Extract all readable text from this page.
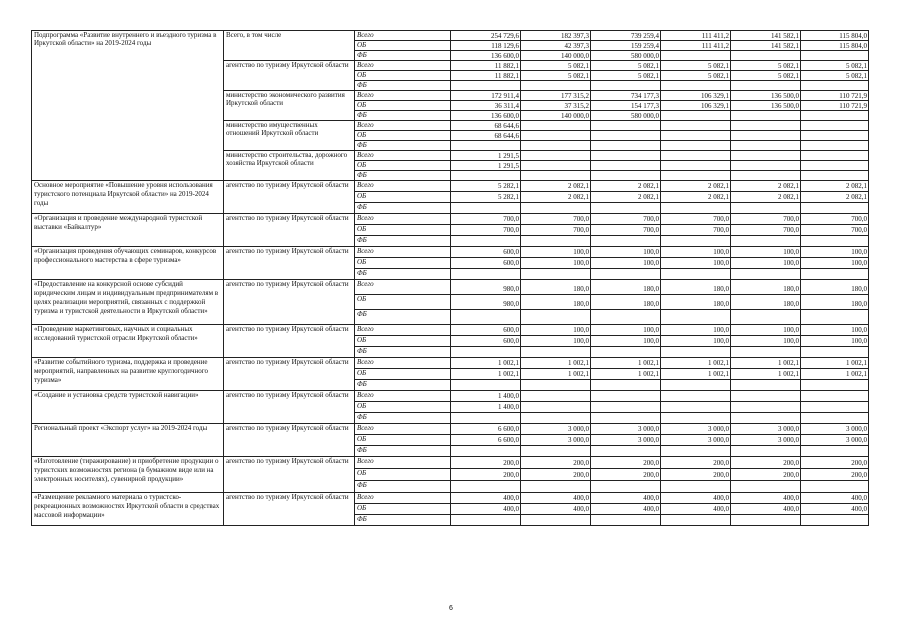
Подпрограмма «Развитие внутреннего и въездного туризма в Иркутской области» на 2019-2024 годы	Всего, в том числе	Всего	254 729,6	182 397,3	739 259,4	111 411,2	141 582,1	115 804,0
		ОБ	118 129,6	42 397,3	159 259,4	111 411,2	141 582,1	115 804,0
		ФБ	136 600,0	140 000,0	580 000,0			
	агентство по туризму Иркутской области	Всего	11 882,1	5 082,1	5 082,1	5 082,1	5 082,1	5 082,1
		ОБ	11 882,1	5 082,1	5 082,1	5 082,1	5 082,1	5 082,1
		ФБ						
	министерство экономического развития Иркутской области	Всего	172 911,4	177 315,2	734 177,3	106 329,1	136 500,0	110 721,9
		ОБ	36 311,4	37 315,2	154 177,3	106 329,1	136 500,0	110 721,9
		ФБ	136 600,0	140 000,0	580 000,0			
	министерство имущественных отношений Иркутской области	Всего	68 644,6					
		ОБ	68 644,6					
		ФБ						
	министерство строительства, дорожного хозяйства Иркутской области	Всего	1 291,5					
		ОБ	1 291,5					
		ФБ						
Основное мероприятие «Повышение уровня использования туристского потенциала Иркутской области» на 2019-2024 годы	агентство по туризму Иркутской области	Всего	5 282,1	2 082,1	2 082,1	2 082,1	2 082,1	2 082,1
		ОБ	5 282,1	2 082,1	2 082,1	2 082,1	2 082,1	2 082,1
		ФБ						
«Организация и проведение международной туристской выставки «Байкалтур»	агентство по туризму Иркутской области	Всего	700,0	700,0	700,0	700,0	700,0	700,0
		ОБ	700,0	700,0	700,0	700,0	700,0	700,0
		ФБ						
«Организация проведения обучающих семинаров, конкурсов профессионального мастерства в сфере туризма»	агентство по туризму Иркутской области	Всего	600,0	100,0	100,0	100,0	100,0	100,0
		ОБ	600,0	100,0	100,0	100,0	100,0	100,0
		ФБ						
«Предоставление на конкурсной основе субсидий юридическим лицам и индивидуальным предпринимателям в целях реализации мероприятий, связанных с поддержкой туризма и туристской деятельности в Иркутской области»	агентство по туризму Иркутской области	Всего	980,0	180,0	180,0	180,0	180,0	180,0
		ОБ	980,0	180,0	180,0	180,0	180,0	180,0
		ФБ						
«Проведение маркетинговых, научных и социальных исследований туристской отрасли Иркутской области»	агентство по туризму Иркутской области	Всего	600,0	100,0	100,0	100,0	100,0	100,0
		ОБ	600,0	100,0	100,0	100,0	100,0	100,0
		ФБ						
«Развитие событийного туризма, поддержка и проведение мероприятий, направленных на развитие круглогодичного туризма»	агентство по туризму Иркутской области	Всего	1 002,1	1 002,1	1 002,1	1 002,1	1 002,1	1 002,1
		ОБ	1 002,1	1 002,1	1 002,1	1 002,1	1 002,1	1 002,1
		ФБ						
«Создание и установка средств туристской навигации»	агентство по туризму Иркутской области	Всего	1 400,0					
		ОБ	1 400,0					
		ФБ						
Региональный проект «Экспорт услуг» на 2019-2024 годы	агентство по туризму Иркутской области	Всего	6 600,0	3 000,0	3 000,0	3 000,0	3 000,0	3 000,0
		ОБ	6 600,0	3 000,0	3 000,0	3 000,0	3 000,0	3 000,0
		ФБ						
«Изготовление (тиражирование) и приобретение продукции о туристских возможностях региона (в бумажном виде или на электронных носителях), сувенирной продукции»	агентство по туризму Иркутской области	Всего	200,0	200,0	200,0	200,0	200,0	200,0
		ОБ	200,0	200,0	200,0	200,0	200,0	200,0
		ФБ						
«Размещение рекламного материала о туристско-рекреационных возможностях Иркутской области в средствах массовой информации»	агентство по туризму Иркутской области	Всего	400,0	400,0	400,0	400,0	400,0	400,0
		ОБ	400,0	400,0	400,0	400,0	400,0	400,0
		ФБ						
6
